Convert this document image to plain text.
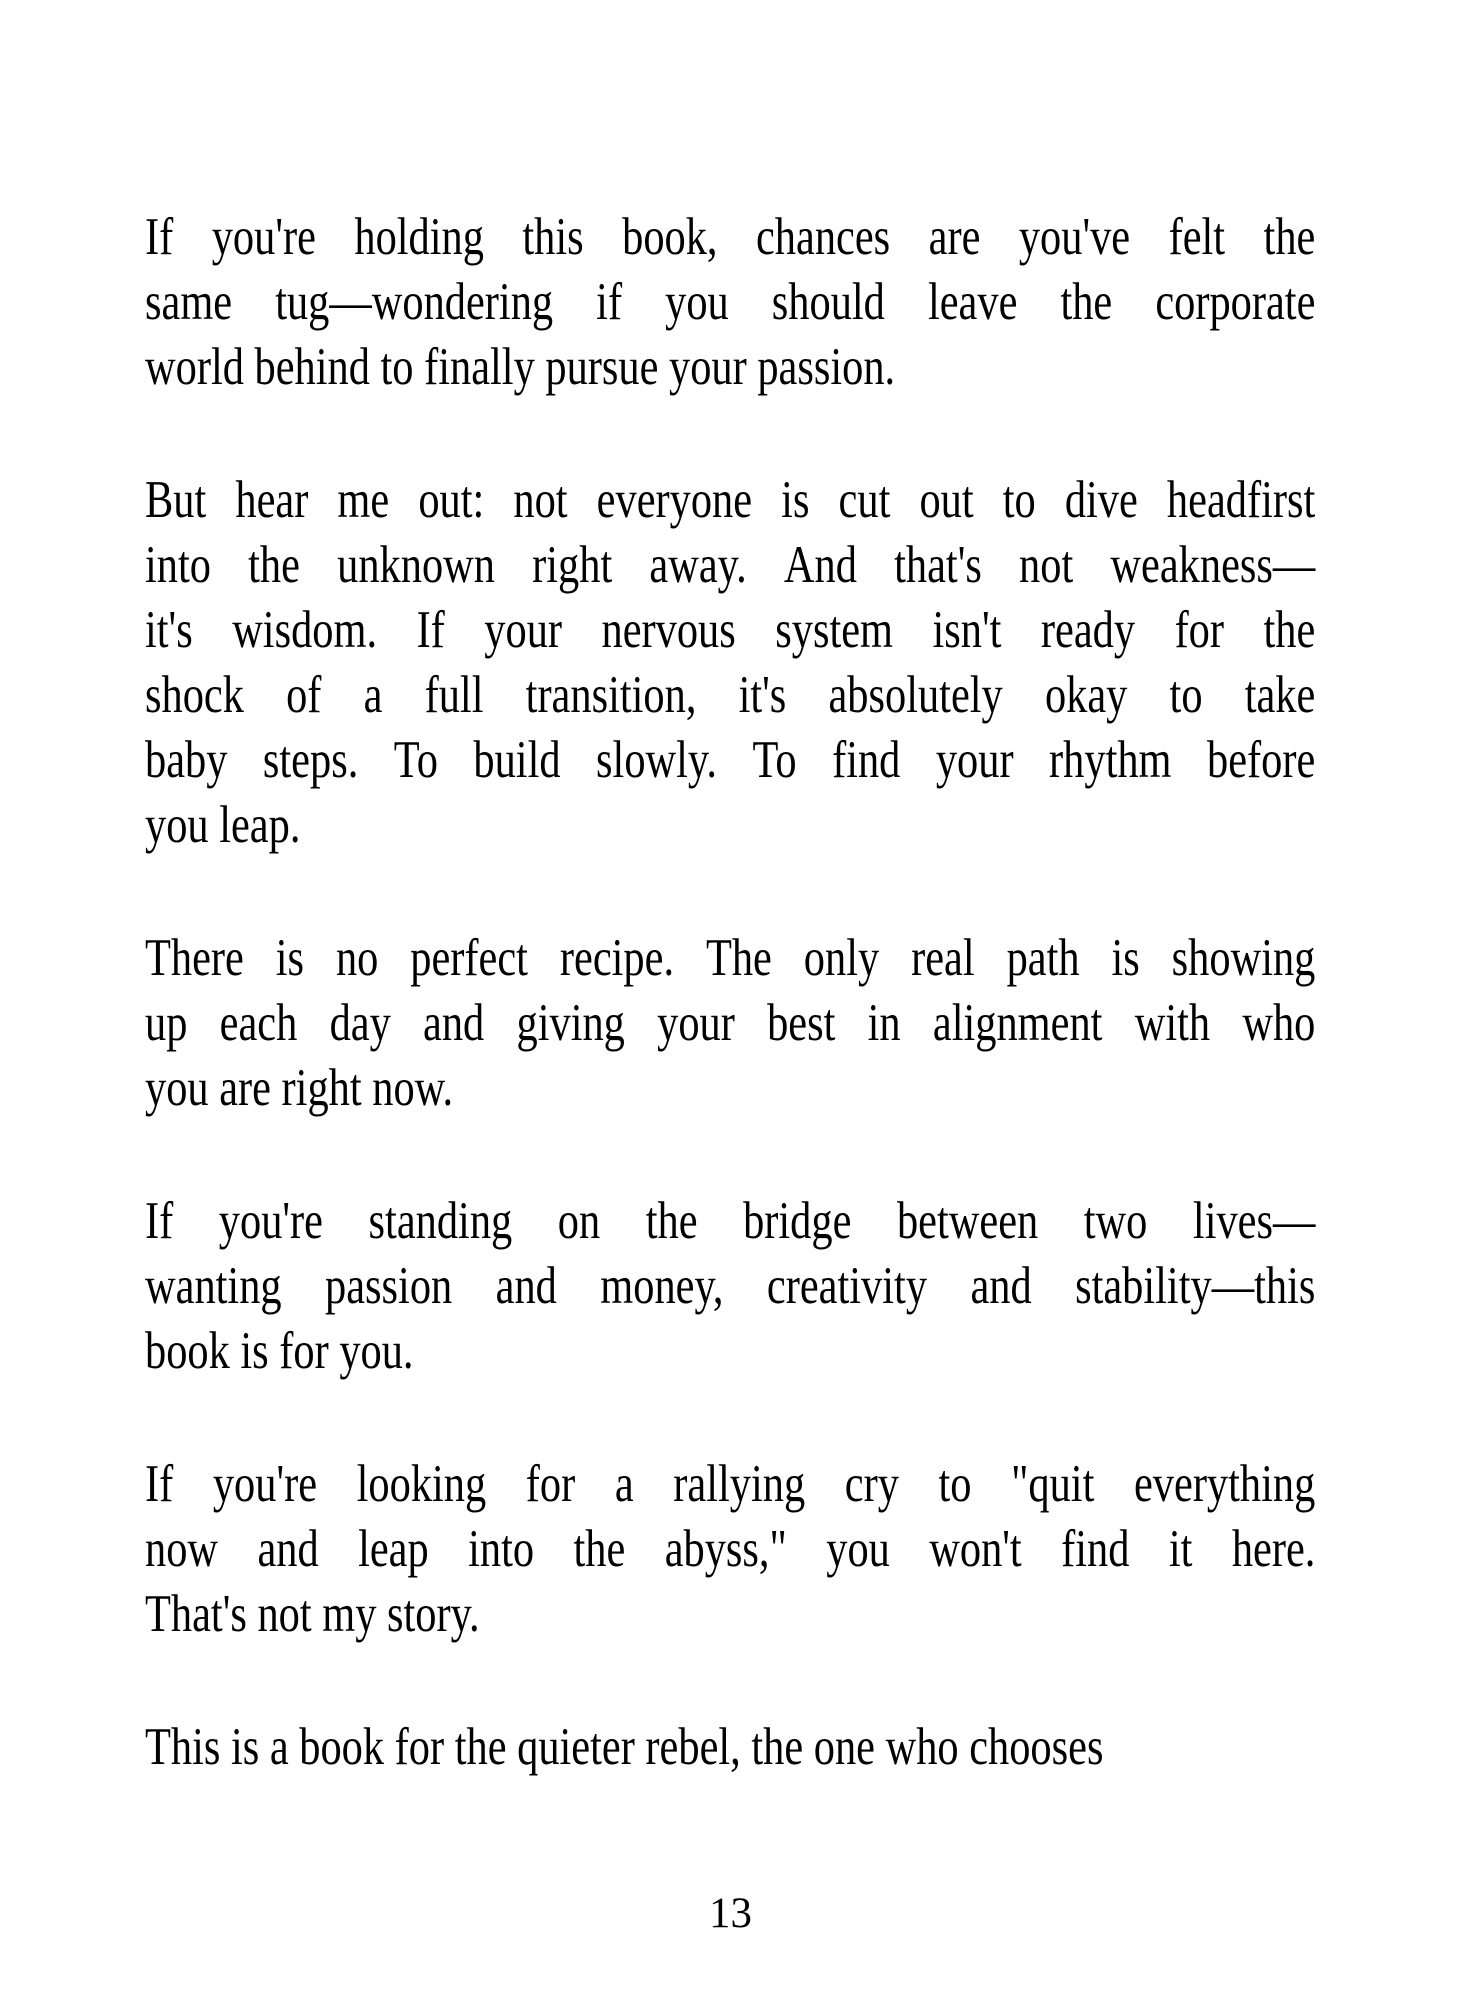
If you're holding this book, chances are you've felt the
same tug—wondering if you should leave the corporate
world behind to finally pursue your passion.
But hear me out: not everyone is cut out to dive headfirst
into the unknown right away. And that's not weakness—
it's wisdom. If your nervous system isn't ready for the
shock of a full transition, it's absolutely okay to take
baby steps. To build slowly. To find your rhythm before
you leap.
There is no perfect recipe. The only real path is showing
up each day and giving your best in alignment with who
you are right now.
If you're standing on the bridge between two lives—
wanting passion and money, creativity and stability—this
book is for you.
If you're looking for a rallying cry to "quit everything
now and leap into the abyss," you won't find it here.
That's not my story.
This is a book for the quieter rebel, the one who chooses
13
